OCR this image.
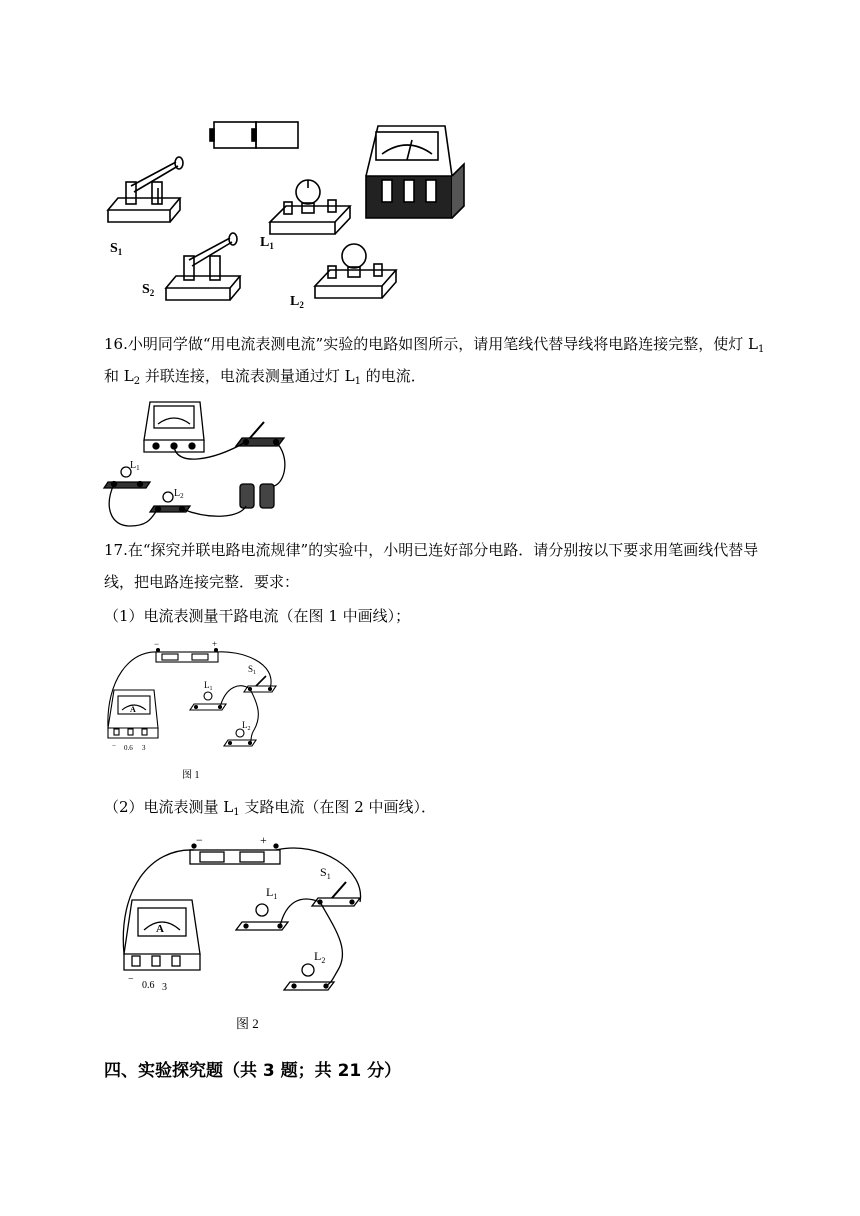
$S_1$
$S_2$
$L_1$
$L_2$
16.小明同学做“用电流表测电流”实验的电路如图所示，请用笔线代替导线将电路连接完整，使灯 $L_1$
和 $L_2$ 并联连接，电流表测量通过灯 $L_1$ 的电流．
$L_1$
$L_2$
17.在“探究并联电路电流规律”的实验中，小明已连好部分电路．请分别按以下要求用笔画线代替导
线，把电路连接完整．要求：
（1）电流表测量干路电流（在图 1 中画线）；
−	+
A
− 0.6 3
$L_1$
$S_1$
$L_2$
图 1
（2）电流表测量 $L_1$ 支路电流（在图 2 中画线）．
−	+
A
−
0.6 3
$L_1$
$S_1$
$L_2$
图 2
四、实验探究题（共 3 题；共 21 分）
